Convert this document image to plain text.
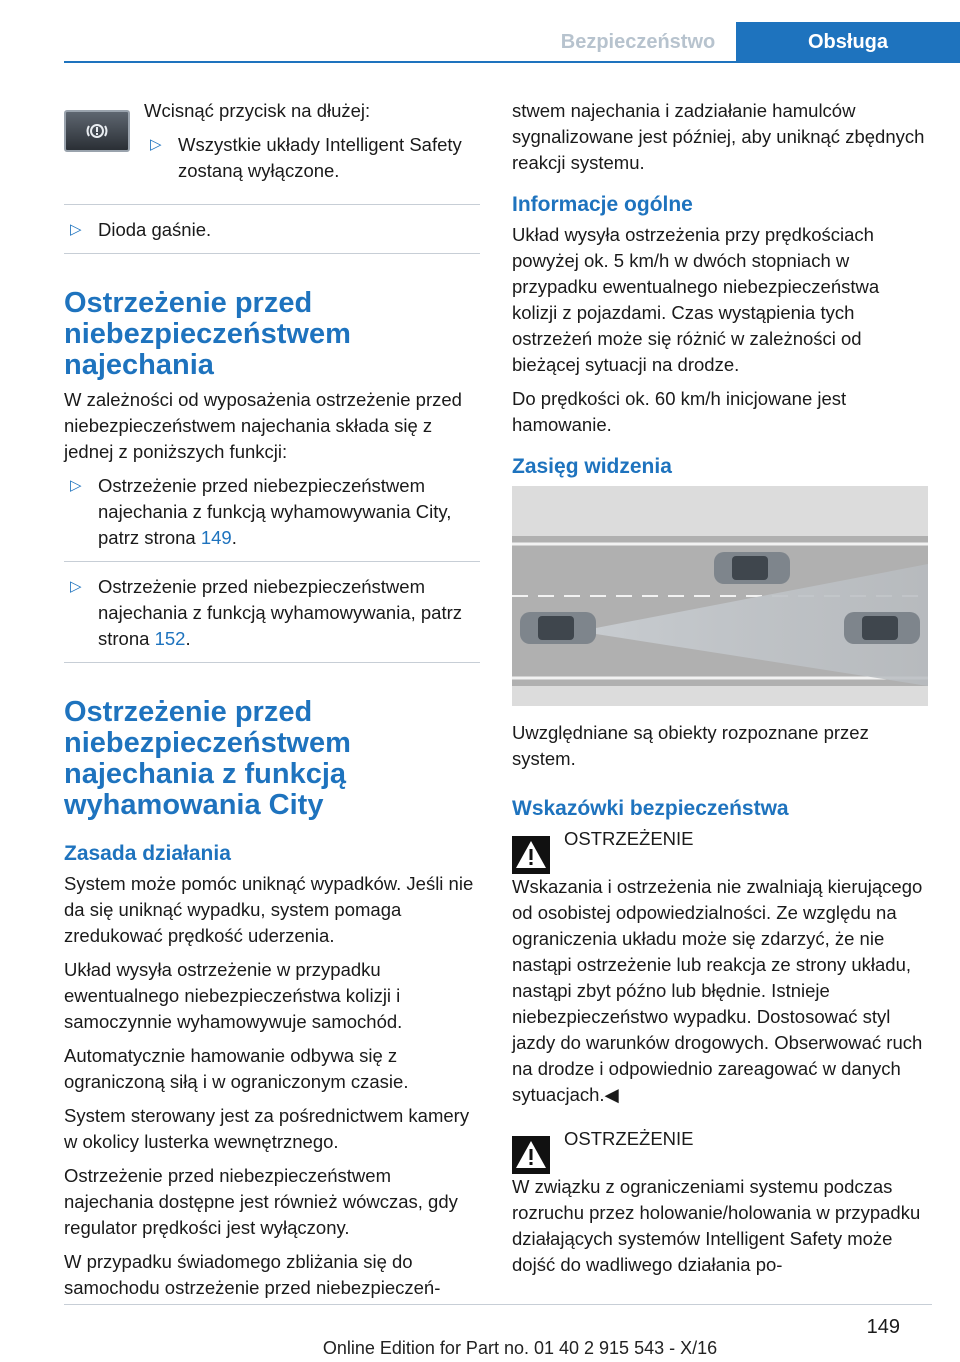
Bezpieczeństwo	Obsługa

Wcisnąć przycisk na dłużej:

▷ Wszystkie układy Intelligent Safety zostaną wyłączone.
▷ Dioda gaśnie.
Ostrzeżenie przed niebezpieczeństwem najechania

W zależności od wyposażenia ostrzeżenie przed niebezpieczeństwem najechania składa się z jednej z poniższych funkcji:

▷ Ostrzeżenie przed niebezpieczeństwem najechania z funkcją wyhamowywania City, patrz strona 149.
▷ Ostrzeżenie przed niebezpieczeństwem najechania z funkcją wyhamowywania, patrz strona 152.
Ostrzeżenie przed niebezpieczeństwem najechania z funkcją wyhamowania City
Zasada działania

System może pomóc uniknąć wypadków. Jeśli nie da się uniknąć wypadku, system pomaga zredukować prędkość uderzenia.

Układ wysyła ostrzeżenie w przypadku ewentualnego niebezpieczeństwa kolizji i samoczynnie wyhamowywuje samochód.

Automatycznie hamowanie odbywa się z ograniczoną siłą i w ograniczonym czasie.

System sterowany jest za pośrednictwem kamery w okolicy lusterka wewnętrznego.

Ostrzeżenie przed niebezpieczeństwem najechania dostępne jest również wówczas, gdy regulator prędkości jest wyłączony.

W przypadku świadomego zbliżania się do samochodu ostrzeżenie przed niebezpieczeń-

stwem najechania i zadziałanie hamulców sygnalizowane jest później, aby uniknąć zbędnych reakcji systemu.

Informacje ogólne

Układ wysyła ostrzeżenia przy prędkościach powyżej ok. 5 km/h w dwóch stopniach w przypadku ewentualnego niebezpieczeństwa kolizji z pojazdami. Czas wystąpienia tych ostrzeżeń może się różnić w zależności od bieżącej sytuacji na drodze.

Do prędkości ok. 60 km/h inicjowane jest hamowanie.

Zasięg widzenia

Uwzględniane są obiekty rozpoznane przez system.

Wskazówki bezpieczeństwa

OSTRZEŻENIE

Wskazania i ostrzeżenia nie zwalniają kierującego od osobistej odpowiedzialności. Ze względu na ograniczenia układu może się zdarzyć, że nie nastąpi ostrzeżenie lub reakcja ze strony układu, nastąpi zbyt późno lub błędnie. Istnieje niebezpieczeństwo wypadku. Dostosować styl jazdy do warunków drogowych. Obserwować ruch na drodze i odpowiednio zareagować w danych sytuacjach.◀

OSTRZEŻENIE

W związku z ograniczeniami systemu podczas rozruchu przez holowanie/holowania w przypadku działających systemów Intelligent Safety może dojść do wadliwego działania po-

149
Online Edition for Part no. 01 40 2 915 543 - X/16
